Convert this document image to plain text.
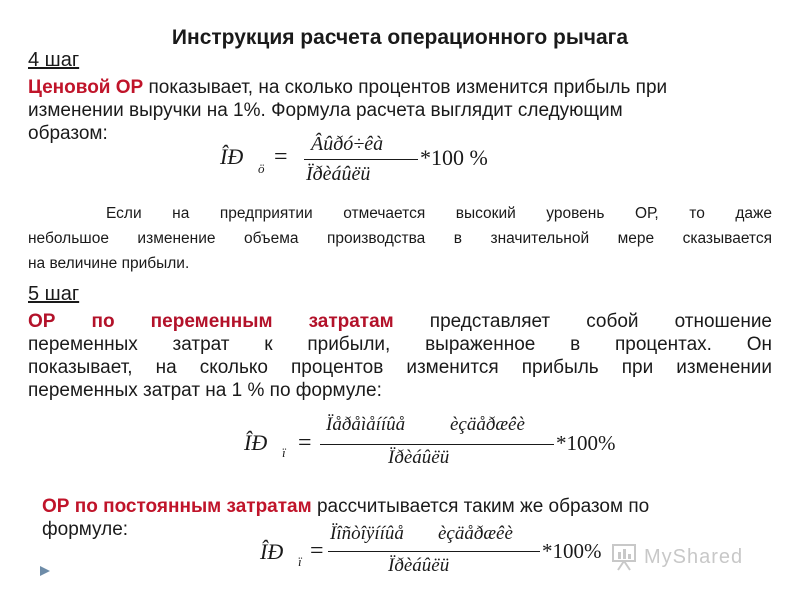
Инструкция расчета операционного рычага
4 шаг
Ценовой ОР показывает, на сколько процентов изменится прибыль при
изменении выручки на 1%. Формула расчета выглядит следующим
образом:
ÎÐ ö = Âûðó÷êà
Ïðèáûëü
*100 %
Если на предприятии отмечается высокий уровень ОР, то даже
небольшое изменение объема производства в значительной мере сказывается
на величине прибыли.
5 шаг
ОР по переменным затратам представляет собой отношение
переменных затрат к прибыли, выраженное в процентах. Он
показывает, на сколько процентов изменится прибыль при изменении
переменных затрат на 1 % по формуле:
ÎÐ ï =
Ïåðåìåííûå èçäåðæêè
Ïðèáûëü
*100%
ОР по постоянным затратам рассчитывается таким же образом по
формуле:
ÎÐ ï =
Ïîñòîÿííûå èçäåðæêè
Ïðèáûëü
*100% MyShared
